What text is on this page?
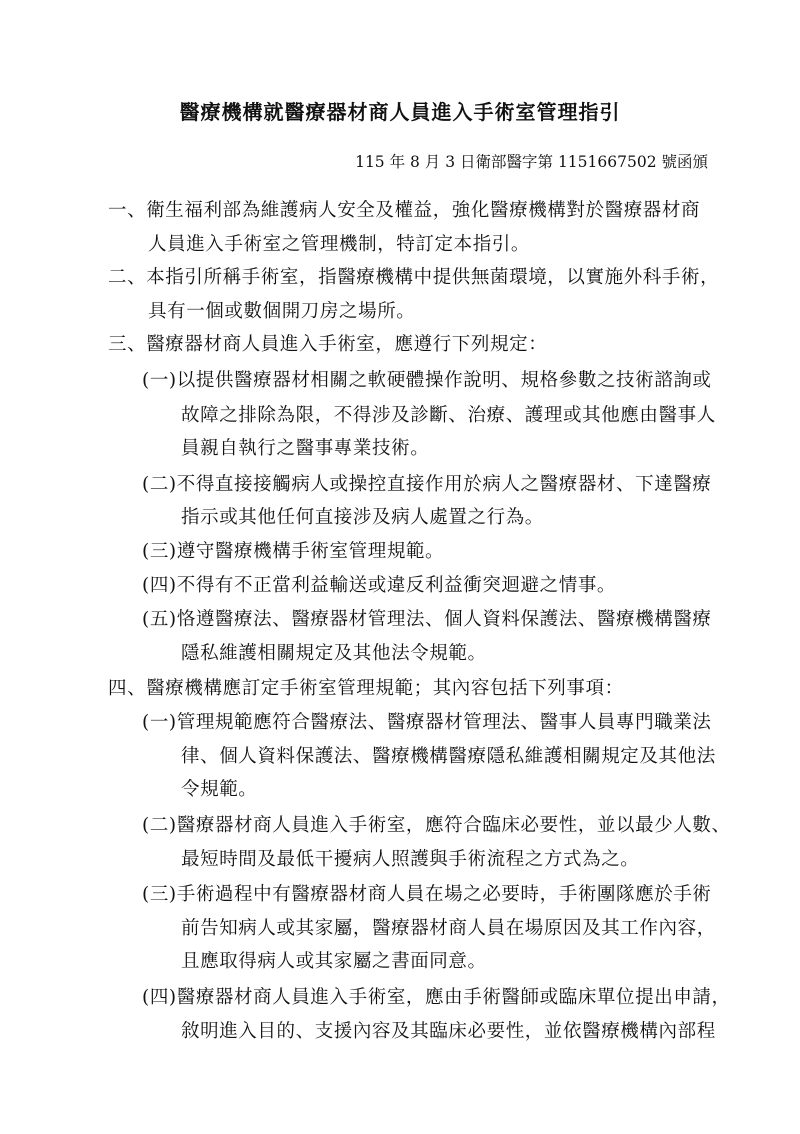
醫療機構就醫療器材商人員進入手術室管理指引
115 年 8 月 3 日衛部醫字第 1151667502 號函頒
一、衛生福利部為維護病人安全及權益，強化醫療機構對於醫療器材商
人員進入手術室之管理機制，特訂定本指引。
二、本指引所稱手術室，指醫療機構中提供無菌環境，以實施外科手術，
具有一個或數個開刀房之場所。
三、醫療器材商人員進入手術室，應遵行下列規定：
(一)以提供醫療器材相關之軟硬體操作說明、規格參數之技術諮詢或
故障之排除為限，不得涉及診斷、治療、護理或其他應由醫事人
員親自執行之醫事專業技術。
(二)不得直接接觸病人或操控直接作用於病人之醫療器材、下達醫療
指示或其他任何直接涉及病人處置之行為。
(三)遵守醫療機構手術室管理規範。
(四)不得有不正當利益輸送或違反利益衝突迴避之情事。
(五)恪遵醫療法、醫療器材管理法、個人資料保護法、醫療機構醫療
隱私維護相關規定及其他法令規範。
四、醫療機構應訂定手術室管理規範；其內容包括下列事項：
(一)管理規範應符合醫療法、醫療器材管理法、醫事人員專門職業法
律、個人資料保護法、醫療機構醫療隱私維護相關規定及其他法
令規範。
(二)醫療器材商人員進入手術室，應符合臨床必要性，並以最少人數、
最短時間及最低干擾病人照護與手術流程之方式為之。
(三)手術過程中有醫療器材商人員在場之必要時，手術團隊應於手術
前告知病人或其家屬，醫療器材商人員在場原因及其工作內容，
且應取得病人或其家屬之書面同意。
(四)醫療器材商人員進入手術室，應由手術醫師或臨床單位提出申請，
敘明進入目的、支援內容及其臨床必要性，並依醫療機構內部程
